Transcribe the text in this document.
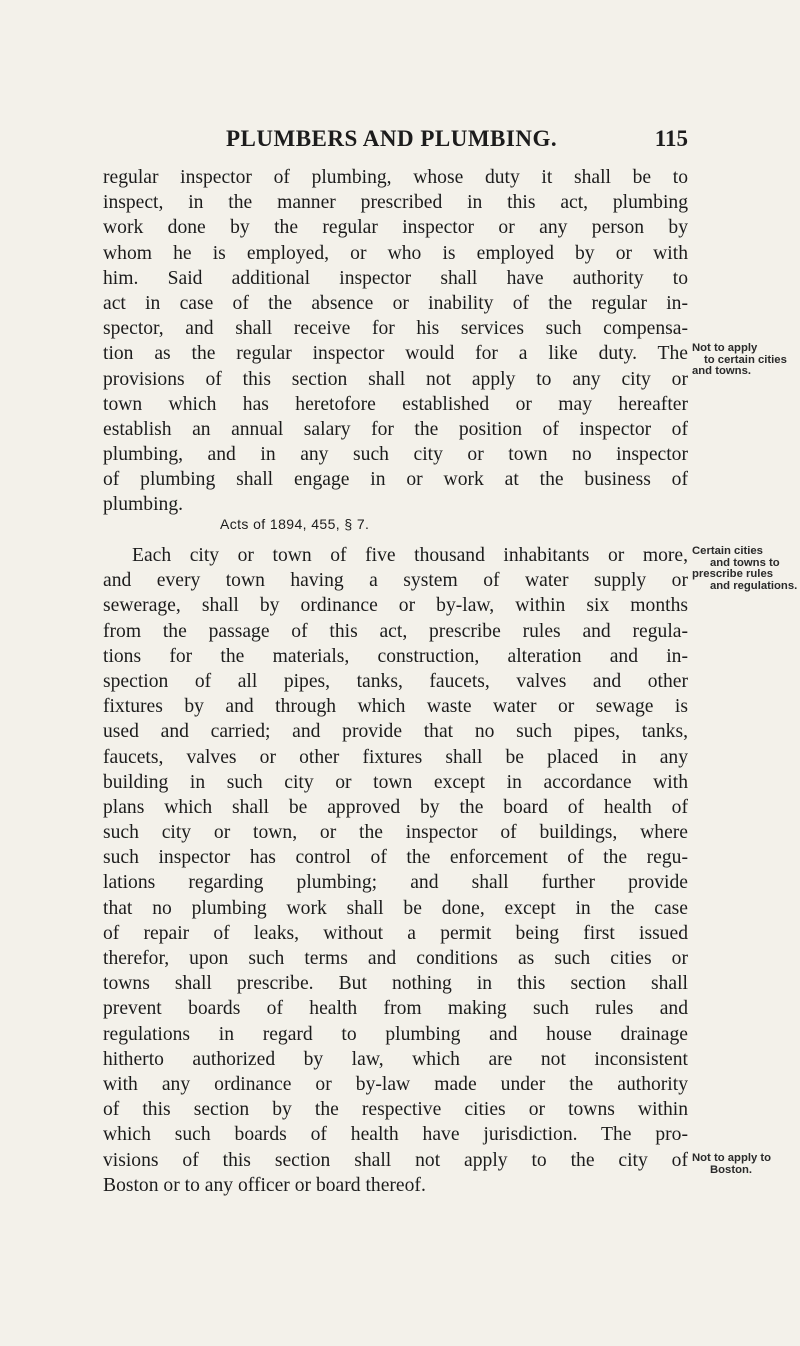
PLUMBERS AND PLUMBING.	115
regular inspector of plumbing, whose duty it shall be to
inspect, in the manner prescribed in this act, plumbing
work done by the regular inspector or any person by
whom he is employed, or who is employed by or with
him. Said additional inspector shall have authority to
act in case of the absence or inability of the regular in-
spector, and shall receive for his services such compensa-
tion as the regular inspector would for a like duty. The
provisions of this section shall not apply to any city or
town which has heretofore established or may hereafter
establish an annual salary for the position of inspector of
plumbing, and in any such city or town no inspector
of plumbing shall engage in or work at the business of
plumbing.
Acts of 1894, 455, § 7.
Each city or town of five thousand inhabitants or more,
and every town having a system of water supply or
sewerage, shall by ordinance or by-law, within six months
from the passage of this act, prescribe rules and regula-
tions for the materials, construction, alteration and in-
spection of all pipes, tanks, faucets, valves and other
fixtures by and through which waste water or sewage is
used and carried; and provide that no such pipes, tanks,
faucets, valves or other fixtures shall be placed in any
building in such city or town except in accordance with
plans which shall be approved by the board of health of
such city or town, or the inspector of buildings, where
such inspector has control of the enforcement of the regu-
lations regarding plumbing; and shall further provide
that no plumbing work shall be done, except in the case
of repair of leaks, without a permit being first issued
therefor, upon such terms and conditions as such cities or
towns shall prescribe. But nothing in this section shall
prevent boards of health from making such rules and
regulations in regard to plumbing and house drainage
hitherto authorized by law, which are not inconsistent
with any ordinance or by-law made under the authority
of this section by the respective cities or towns within
which such boards of health have jurisdiction. The pro-
visions of this section shall not apply to the city of
Boston or to any officer or board thereof.
Not to apply
to certain cities
and towns.
Certain cities
and towns to
prescribe rules
and regulations.
Not to apply to
Boston.
